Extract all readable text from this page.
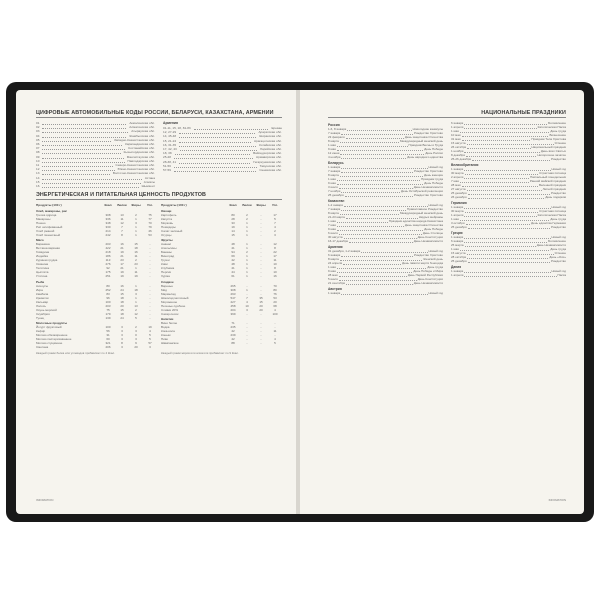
ЦИФРОВЫЕ АВТОМОБИЛЬНЫЕ КОДЫ РОССИИ, БЕЛАРУСИ, КАЗАХСТАНА, АРМЕНИИ
01	Акмолинская обл.
02	Алматинская обл.
03	Атырауская обл.
04	Жамбылская обл.
05	Западно-Казахстанская обл.
06	Карагандинская обл.
07	Костанайская обл.
08	Кызылординская обл.
09	Мангистауская обл.
10	Павлодарская обл.
11	Северо-Казахстанская обл.
12	Южно-Казахстанская обл.
13	Восточно-Казахстанская обл.
14	Астана
15	Алматы
16	Шымкент
Армения
01-11, 15, 18, 81-83	Ереван
12, 27-29	Араратская обл.
14, 45-48	Ширакская обл.
15, 21-24	Арагацотнская обл.
16, 31-35	Котайкская обл.
17, 42, 43	Лорийская обл.
18, 38	Вайоцдзорская обл.
25-28	Армавирская обл.
28-38, 41	Гегаркуникская обл.
51-56	Тавушская обл.
57-59	Сюникская обл.
ЭНЕРГЕТИЧЕСКАЯ И ПИТАТЕЛЬНАЯ ЦЕННОСТЬ ПРОДУКТОВ
Продукты (100 г)	Ккал	Белки	Жиры	Угл.
Хлеб, макароны, рис				
Гречка ядрица	308	13	2	75
Макароны	336	11	1	77
Пшено	348	12	3	70
Рис шлифованный	330	7	1	79
Хлеб ржаной	214	7	1	46
Хлеб пшеничный	242	8	1	53
Мясо				
Баранина	203	16	15	-
Ветчина варёная	422	21	18	-
Говядина	218	19	16	-
Индейка	186	21	11	-
Куриная грудка	113	23	2	-
Свинина	276	17	23	-
Телятина	92	21	1	-
Цыплята	175	19	11	-
Утятина	251	19	19	-
Рыба				
Анчоусы	80	16	1	-
Икра	252	24	18	-
Камбала	83	15	3	-
Креветки	96	18	1	-
Кальмар	100	18	1	-
Лосось	203	20	13	-
Окунь морской	75	15	2	-
Скумбрия	179	18	12	-
Тунец	139	24	5	-
Молочные продукты				
Йогурт фруктовый	100	3	2	19
Кефир	56	3	3	4
Молоко обезжиренное	31	3	0	5
Молоко пастеризованное	60	3	3	5
Молоко сгущённое	321	8	9	57
Сметана	206	3	20	3
Продукты (100 г)	Ккал	Белки	Жиры	Угл.
Овощи				
Картофель	80	2	-	17
Капуста	28	2	-	5
Морковь	33	1	-	7
Помидоры	19	1	-	4
Салат зелёный	14	1	-	2
Огурцы	15	1	-	3
Фрукты				
Ананас	48	1	-	12
Апельсины	41	1	-	8
Бананы	94	2	-	22
Виноград	69	1	-	17
Груши	42	1	-	11
Киви	48	1	-	10
Клубника	41	1	-	8
Персик	44	1	-	10
Хурма	61	1	-	16
Сладкое				
Варенье	265	-	-	70
Мёд	308	1	-	80
Мармелад	293	-	-	76
Шоколад молочный	547	7	35	53
Мороженое	227	4	15	20
Печенье сдобное	458	10	20	68
Сливки 20%	204	3	20	4
Сахар-песок	399	-	-	100
Напитки				
Вино белое	71	-	-	-
Водка	235	-	-	-
Кока-кола	42	-	-	11
Коньяк	239	-	-	-
Пиво	42	-	-	4
Шампанское	88	-	-	5
Каждый грамм белка или углеводов прибавляет по 4 Ккал.	Каждый грамм жиров или алкоголя прибавляет по 9 Ккал.
INFOMATION
НАЦИОНАЛЬНЫЕ ПРАЗДНИКИ
Россия
1-6, 8 января	Новогодние каникулы
7 января	Рождество Христово
23 февраля	День защитника Отечества
8 марта	Международный женский день
1 мая	Праздник Весны и Труда
9 мая	День Победы
12 июня	День России
4 ноября	День народного единства
Беларусь
1 января	Новый год
7 января	Рождество Христово
8 марта	День женщин
1 мая	Праздник труда
9 мая	День Победы
3 июля	День Независимости
7 ноября	День Октябрьской революции
25 декабря	Рождество Христово
Казахстан
1-2 января	Новый год
7 января	Православное Рождество
8 марта	Международный женский день
21-23 марта	Наурыз мейрамы
1 мая	Праздник единства народа Казахстана
7 мая	День защитника Отечества
9 мая	День Победы
6 июля	День Столицы
30 августа	День Конституции
16-17 декабря	День Независимости
Армения
31 декабря, 1-2 января	Новый год
6 января	Рождество Христово
8 марта	Женский день
24 апреля	День памяти жертв Геноцида
1 мая	День труда
9 мая	День Победы и Мира
28 мая	День Первой Республики
5 июля	День Конституции
21 сентября	День Независимости
Австрия
1 января	Новый год
6 января	Богоявление
1 апреля	Католическая Пасха
1 мая	День труда
10 мая	Вознесение
31 мая	Праздник Тела Христова
15 августа	Успение
26 октября	Национальный праздник
1 ноября	День всех Святых
8 декабря	Непорочное зачатие
25-26 декабря	Рождество
Великобритания
1 января	Новый год
30 марта	Страстная пятница
2 апреля	Пасхальный понедельник
7 мая	Ранний майский праздник
28 мая	Весенний праздник
27 августа	Летний праздник
25 декабря	Рождество
26 декабря	День подарков
Германия
1 января	Новый год
30 марта	Страстная пятница
1 апреля	Католическая Пасха
1 мая	День труда
3 октября	День единства Германии
25 декабря	Рождество
Греция
1 января	Новый год
6 января	Богоявление
25 марта	День Независимости
1 мая	День труда
15 августа	Успение
28 октября	День «Охи»
25 декабря	Рождество
Дания
1 января	Новый год
1 апреля	Пасха
INFOMATION
